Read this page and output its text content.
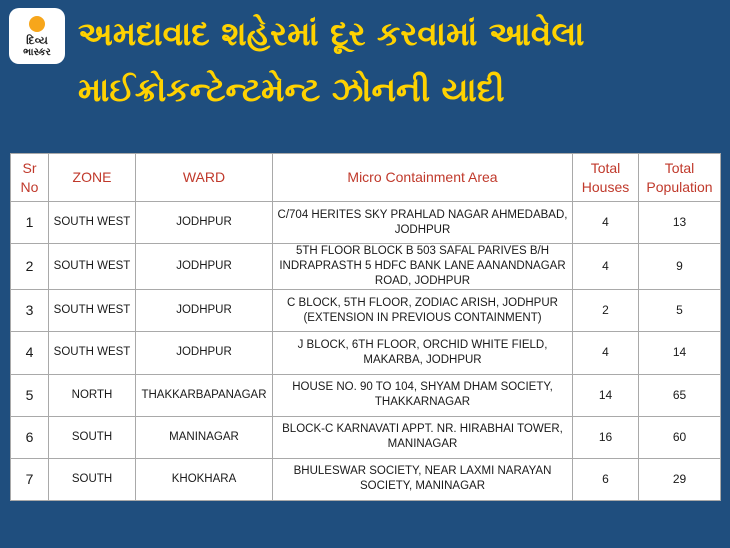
દિવ્ય
ભાસ્કર અમદાવાદ શહેરમાં દૂર કરવામાં આવેલા
માઈક્રોકન્ટેન્ટમેન્ટ ઝોનની યાદી
Sr No	ZONE	WARD	Micro Containment Area	Total Houses	Total Population
1	SOUTH WEST	JODHPUR	C/704 HERITES SKY PRAHLAD NAGAR AHMEDABAD, JODHPUR	4	13
2	SOUTH WEST	JODHPUR	5TH FLOOR BLOCK B 503 SAFAL PARIVES B/H INDRAPRASTH 5 HDFC BANK LANE AANANDNAGAR ROAD, JODHPUR	4	9
3	SOUTH WEST	JODHPUR	C BLOCK, 5TH FLOOR, ZODIAC ARISH, JODHPUR (EXTENSION IN PREVIOUS CONTAINMENT)	2	5
4	SOUTH WEST	JODHPUR	J BLOCK, 6TH FLOOR, ORCHID WHITE FIELD, MAKARBA, JODHPUR	4	14
5	NORTH	THAKKARBAPANAGAR	HOUSE NO. 90 TO 104, SHYAM DHAM SOCIETY, THAKKARNAGAR	14	65
6	SOUTH	MANINAGAR	BLOCK-C KARNAVATI APPT. NR. HIRABHAI TOWER, MANINAGAR	16	60
7	SOUTH	KHOKHARA	BHULESWAR SOCIETY, NEAR LAXMI NARAYAN SOCIETY, MANINAGAR	6	29
